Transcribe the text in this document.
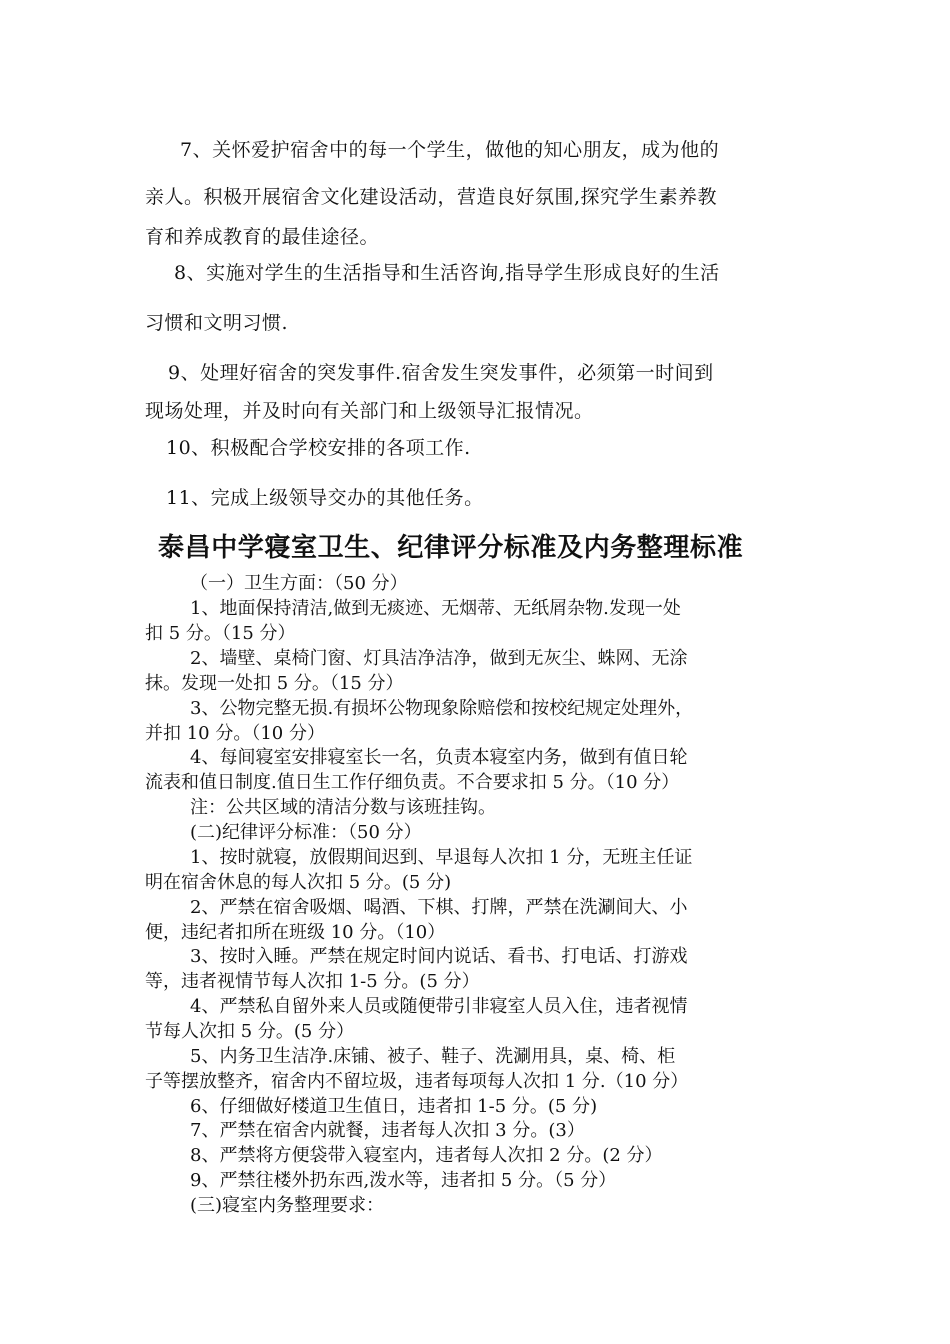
7、关怀爱护宿舍中的每一个学生，做他的知心朋友，成为他的
亲人。积极开展宿舍文化建设活动，营造良好氛围,探究学生素养教
育和养成教育的最佳途径。
8、实施对学生的生活指导和生活咨询,指导学生形成良好的生活
习惯和文明习惯.
9、处理好宿舍的突发事件.宿舍发生突发事件，必须第一时间到
现场处理，并及时向有关部门和上级领导汇报情况。
10、积极配合学校安排的各项工作.
11、完成上级领导交办的其他任务。
泰昌中学寝室卫生、纪律评分标准及内务整理标准
（一）卫生方面：（50 分）
1、地面保持清洁,做到无痰迹、无烟蒂、无纸屑杂物.发现一处
扣 5 分。（15 分）
2、墙壁、桌椅门窗、灯具洁净洁净，做到无灰尘、蛛网、无涂
抹。发现一处扣 5 分。（15 分）
3、公物完整无损.有损坏公物现象除赔偿和按校纪规定处理外，
并扣 10 分。（10 分）
4、每间寝室安排寝室长一名，负责本寝室内务，做到有值日轮
流表和值日制度.值日生工作仔细负责。不合要求扣 5 分。（10 分）
注：公共区域的清洁分数与该班挂钩。
(二)纪律评分标准：（50 分）
1、按时就寝，放假期间迟到、早退每人次扣 1 分，无班主任证
明在宿舍休息的每人次扣 5 分。(5 分)
2、严禁在宿舍吸烟、喝酒、下棋、打牌，严禁在洗涮间大、小
便，违纪者扣所在班级 10 分。（10）
3、按时入睡。严禁在规定时间内说话、看书、打电话、打游戏
等，违者视情节每人次扣 1-5 分。(5 分）
4、严禁私自留外来人员或随便带引非寝室人员入住，违者视情
节每人次扣 5 分。(5 分）
5、内务卫生洁净.床铺、被子、鞋子、洗涮用具，桌、椅、柜
子等摆放整齐，宿舍内不留垃圾，违者每项每人次扣 1 分.（10 分）
6、仔细做好楼道卫生值日，违者扣 1-5 分。(5 分)
7、严禁在宿舍内就餐，违者每人次扣 3 分。(3）
8、严禁将方便袋带入寝室内，违者每人次扣 2 分。(2 分）
9、严禁往楼外扔东西,泼水等，违者扣 5 分。（5 分）
(三)寝室内务整理要求：
